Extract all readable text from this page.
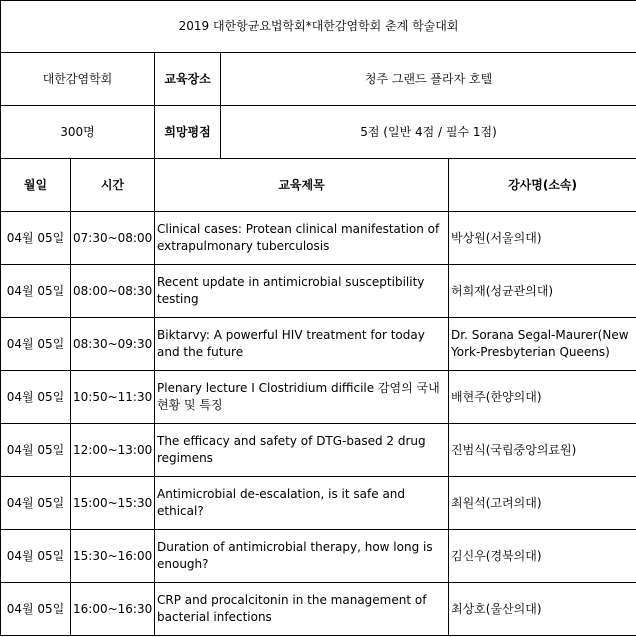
2019 대한항균요법학회*대한감염학회 춘계 학술대회				
대한감염학회		교육장소	청주 그랜드 플라자 호텔	
300명		희망평점	5점 (일반 4점 / 필수 1점)	
월일	시간	교육제목		강사명(소속)
04월 05일	07:30~08:00	Clinical cases: Protean clinical manifestation of extrapulmonary tuberculosis		박상원(서울의대)
04월 05일	08:00~08:30	Recent update in antimicrobial susceptibility testing		허희재(성균관의대)
04월 05일	08:30~09:30	Biktarvy: A powerful HIV treatment for today and the future		Dr. Sorana Segal-Maurer(New York-Presbyterian Queens)
04월 05일	10:50~11:30	Plenary lecture I Clostridium difficile 감염의 국내 현황 및 특징		배현주(한양의대)
04월 05일	12:00~13:00	The efficacy and safety of DTG-based 2 drug regimens		진범식(국립중앙의료원)
04월 05일	15:00~15:30	Antimicrobial de-escalation, is it safe and ethical?		최원석(고려의대)
04월 05일	15:30~16:00	Duration of antimicrobial therapy, how long is enough?		김신우(경북의대)
04월 05일	16:00~16:30	CRP and procalcitonin in the management of bacterial infections		최상호(울산의대)
